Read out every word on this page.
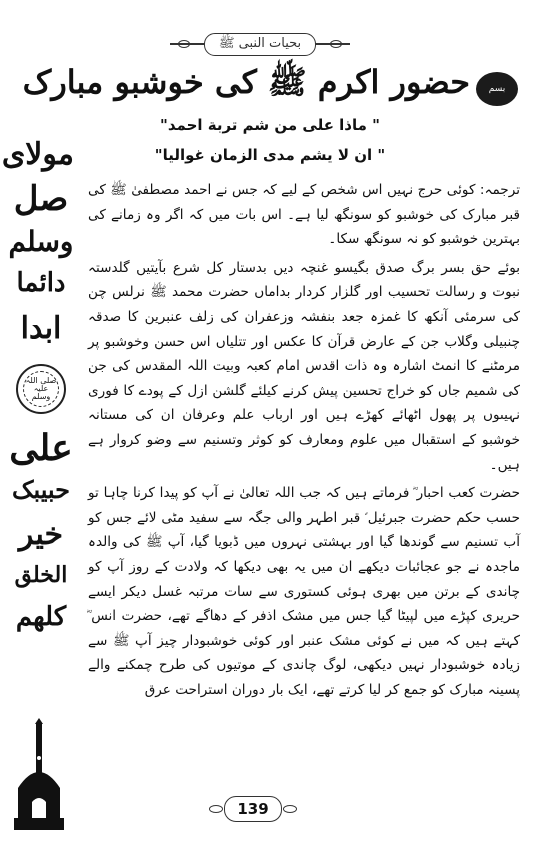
بحیات النبی ﷺ
حضور اکرم ﷺ کی خوشبو مبارک
" ماذا علی من شم تربة احمد"
" ان لا يشم مدى الزمان غواليا"
بسم
مولای
صل
وسلم
دائما
ابدا
صلی اللہ علیہ وسلم
علی
حبیبک
خیر
الخلق
کلهم

ترجمہ: کوئی حرج نہیں اس شخص کے لیے کہ جس نے احمد مصطفیٰ ﷺ کی قبر مبارک کی خوشبو کو سونگھ لیا ہے۔ اس بات میں کہ اگر وہ زمانے کی بہترین خوشبو کو نہ سونگھ سکا۔

بوئے حق بسر برگ صدق بگیسو غنچہ دیں بدستار کل شرع بآیتیں گلدستہ نبوت و رسالت تحسیب اور گلزار کردار بداماں حضرت محمد ﷺ نرلس چن کی سرمئی آنکھ کا غمزہ جعد بنفشہ وزعفران کی زلف عنبرین کا صدقہ چنبیلی وگلاب جن کے عارض قرآن کا عکس اور تتلیاں اس حسن وخوشبو پر مرمٹنے کا انمٹ اشارہ وہ ذات اقدس امام کعبہ وبیت اللہ المقدس کی جن کی شمیم جاں کو خراج تحسین پیش کرنے کیلئے گلشن ازل کے پودے کا فوری نہیںوں پر پھول اٹھائے کھڑے ہیں اور ارباب علم وعرفان ان کی مستانہ خوشبو کے استقبال میں علوم ومعارف کو کوثر وتسنیم سے وضو کروار ہے ہیں۔

حضرت کعب احبار ؓ فرماتے ہیں کہ جب اللہ تعالیٰ نے آپ کو پیدا کرنا چاہا تو حسب حکم حضرت جبرئیل ؑ قبر اطہر والی جگہ سے سفید مٹی لائے جس کو آب تسنیم سے گوندھا گیا اور بہشتی نہروں میں ڈبویا گیا، آپ ﷺ کی والدہ ماجدہ نے جو عجائبات دیکھے ان میں یہ بھی دیکھا کہ ولادت کے روز آپ کو چاندی کے برتن میں بھری ہوئی کستوری سے سات مرتبہ غسل دیکر ایسے حریری کپڑے میں لپیٹا گیا جس میں مشک اذفر کے دھاگے تھے، حضرت انس ؓ کہتے ہیں کہ میں نے کوئی مشک عنبر اور کوئی خوشبودار چیز آپ ﷺ سے زیادہ خوشبودار نہیں دیکھی، لوگ چاندی کے موتیوں کی طرح چمکنے والے پسینہ مبارک کو جمع کر لیا کرتے تھے، ایک بار دوران استراحت عرق

139
